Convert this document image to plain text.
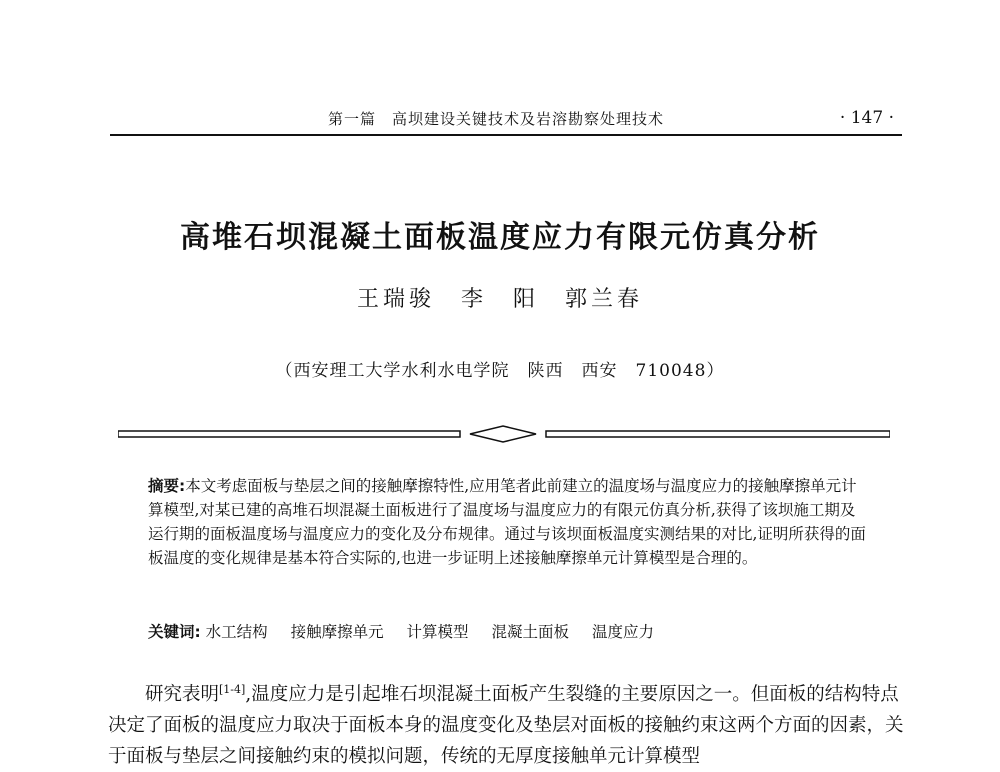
第一篇　高坝建设关键技术及岩溶勘察处理技术	· 147 ·
高堆石坝混凝土面板温度应力有限元仿真分析
王瑞骏　李　阳　郭兰春
（西安理工大学水利水电学院　陕西　西安　710048）
摘要:本文考虑面板与垫层之间的接触摩擦特性,应用笔者此前建立的温度场与温度应力的接触摩擦单元计算模型,对某已建的高堆石坝混凝土面板进行了温度场与温度应力的有限元仿真分析,获得了该坝施工期及运行期的面板温度场与温度应力的变化及分布规律。通过与该坝面板温度实测结果的对比,证明所获得的面板温度的变化规律是基本符合实际的,也进一步证明上述接触摩擦单元计算模型是合理的。
关键词: 水工结构 接触摩擦单元 计算模型 混凝土面板 温度应力
  研究表明[1-4],温度应力是引起堆石坝混凝土面板产生裂缝的主要原因之一。但面板的结构特点决定了面板的温度应力取决于面板本身的温度变化及垫层对面板的接触约束这两个方面的因素，关于面板与垫层之间接触约束的模拟问题，传统的无厚度接触单元计算模型
